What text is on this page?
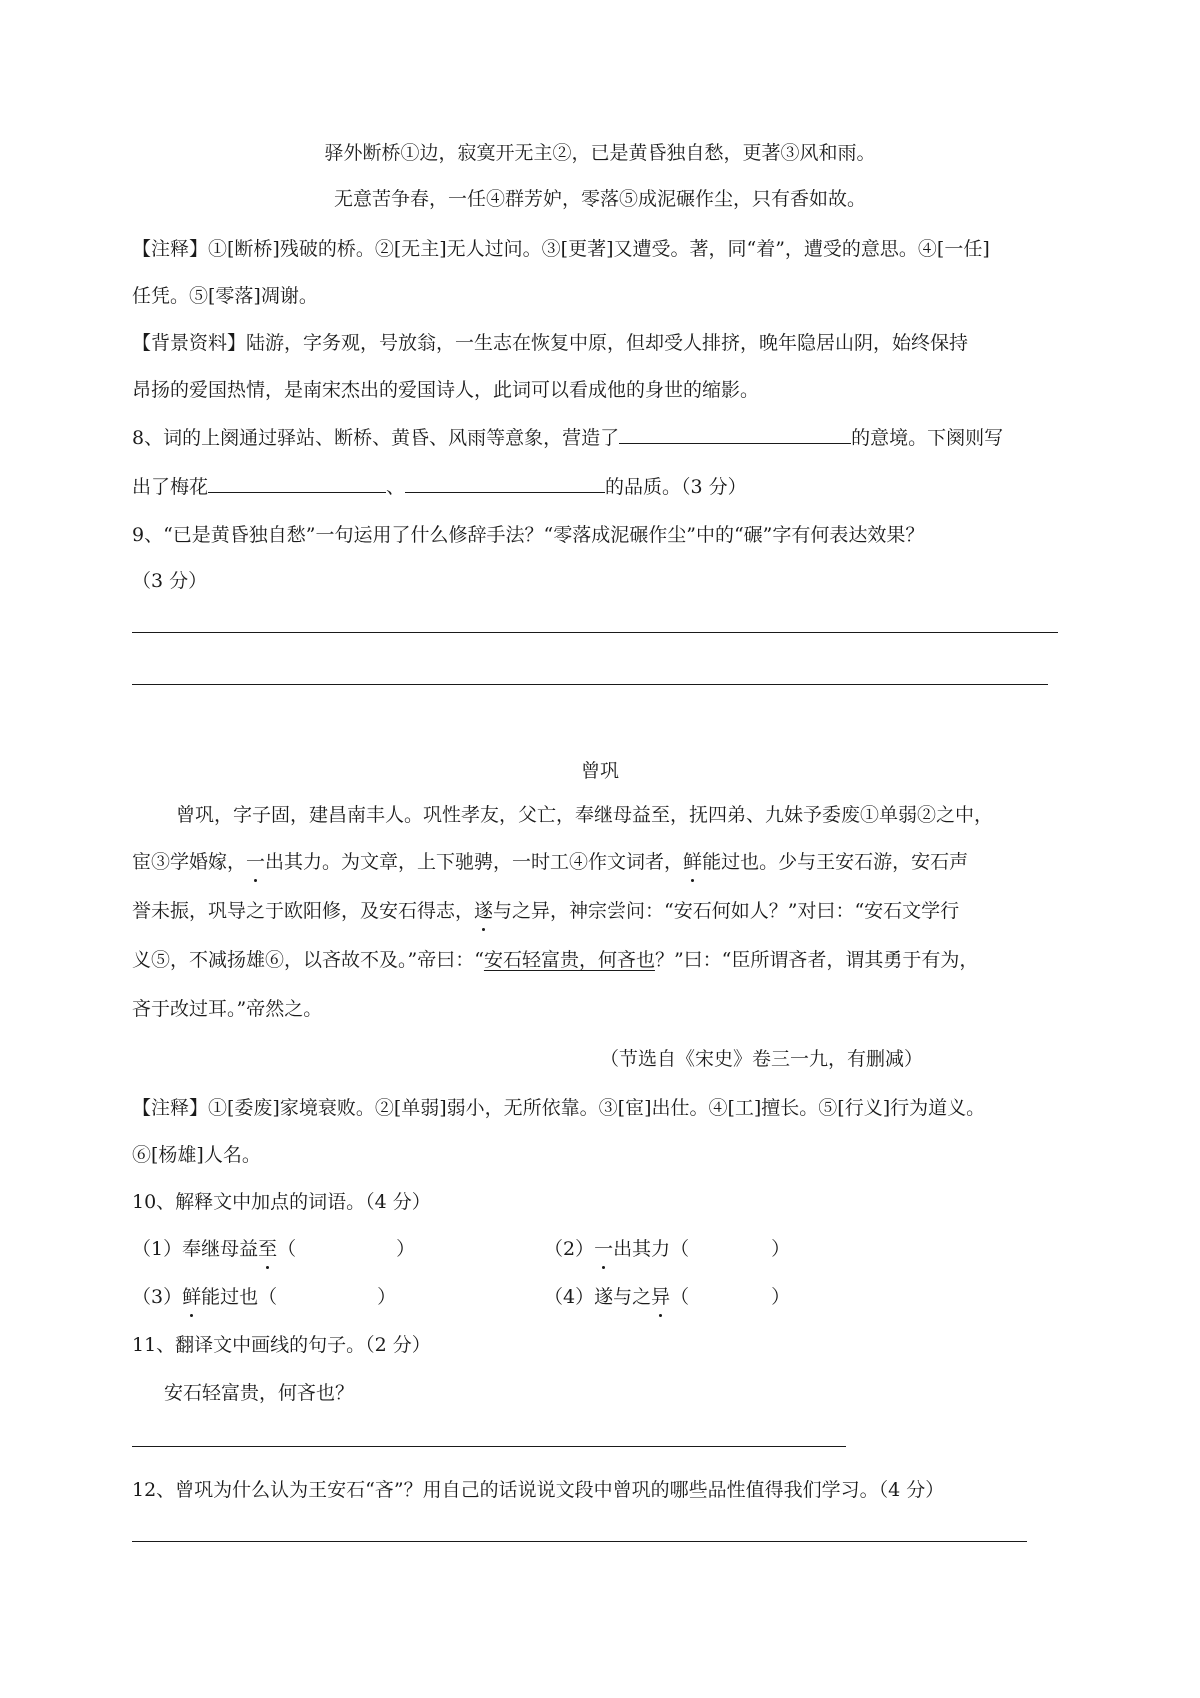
驿外断桥①边，寂寞开无主②，已是黄昏独自愁，更著③风和雨。
无意苦争春，一任④群芳妒，零落⑤成泥碾作尘，只有香如故。
【注释】①[断桥]残破的桥。②[无主]无人过问。③[更著]又遭受。著，同“着”，遭受的意思。④[一任]
任凭。⑤[零落]凋谢。
【背景资料】陆游，字务观，号放翁，一生志在恢复中原，但却受人排挤，晚年隐居山阴，始终保持
昂扬的爱国热情，是南宋杰出的爱国诗人，此词可以看成他的身世的缩影。
8、词的上阕通过驿站、断桥、黄昏、风雨等意象，营造了	的意境。下阕则写
出了梅花	、	的品质。（3 分）
9、“已是黄昏独自愁”一句运用了什么修辞手法？“零落成泥碾作尘”中的“碾”字有何表达效果？
（3 分）
曾巩
曾巩，字子固，建昌南丰人。巩性孝友，父亡，奉继母益至，抚四弟、九妹予委废①单弱②之中，
宦③学婚嫁，一出其力。为文章，上下驰骋，一时工④作文词者，鲜能过也。少与王安石游，安石声
誉未振，巩导之于欧阳修，及安石得志，遂与之异，神宗尝问：“安石何如人？”对曰：“安石文学行
义⑤，不减扬雄⑥，以吝故不及。”帝曰：“安石轻富贵，何吝也？”曰：“臣所谓吝者，谓其勇于有为，
吝于改过耳。”帝然之。
（节选自《宋史》卷三一九，有删减）
【注释】①[委废]家境衰败。②[单弱]弱小，无所依靠。③[宦]出仕。④[工]擅长。⑤[行义]行为道义。
⑥[杨雄]人名。
10、解释文中加点的词语。（4 分）
（1）奉继母益至（	）	（2）一出其力（	）
（3）鲜能过也（	）	（4）遂与之异（	）
11、翻译文中画线的句子。（2 分）
安石轻富贵，何吝也？
12、曾巩为什么认为王安石“吝”？用自己的话说说文段中曾巩的哪些品性值得我们学习。（4 分）
